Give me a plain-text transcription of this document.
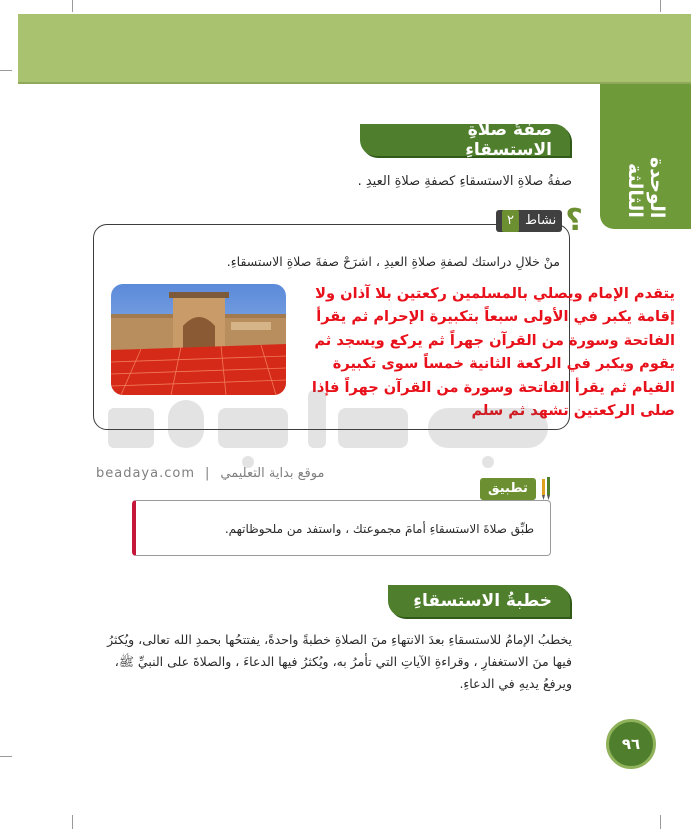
الوحدة الثالثة
صفةُ صلاةِ الاستسقاءِ
صفةُ صلاةِ الاستسقاءِ كصفةِ صلاةِ العيدِ .
؟
نشاط
٢
منْ خلالِ دراستك لصفةِ صلاةِ العيدِ ، اشرَحْ صفةَ صلاةِ الاستسقاءِ.
يتقدم الإمام ويصلي بالمسلمين ركعتين بلا آذان ولا إقامة يكبر في الأولى سبعاً بتكبيرة الإحرام ثم يقرأ الفاتحة وسورة من القرآن جهراً ثم يركع ويسجد ثم يقوم ويكبر في الركعة الثانية خمساً سوى تكبيرة القيام ثم يقرأ الفاتحة وسورة من القرآن جهراً فإذا صلى الركعتين تشهد ثم سلم
beadaya.com | موقع بداية التعليمي
تطبيق
طبِّق صلاةَ الاستسقاءِ أمامَ مجموعتك ، واستفد من ملحوظاتهم.
خطبةُ الاستسقاءِ
يخطبُ الإمامُ للاستسقاءِ بعدَ الانتهاءِ منَ الصلاةِ خطبةً واحدةً، يفتتحُها بحمدِ الله تعالى، ويُكثرُ فيها منَ الاستغفارِ ، وقراءةِ الآياتِ التي تأمرُ به، ويُكثرُ فيها الدعاءَ ، والصلاةَ على النبيِّ ﷺ، ويرفعُ يديهِ في الدعاءِ.
٩٦
